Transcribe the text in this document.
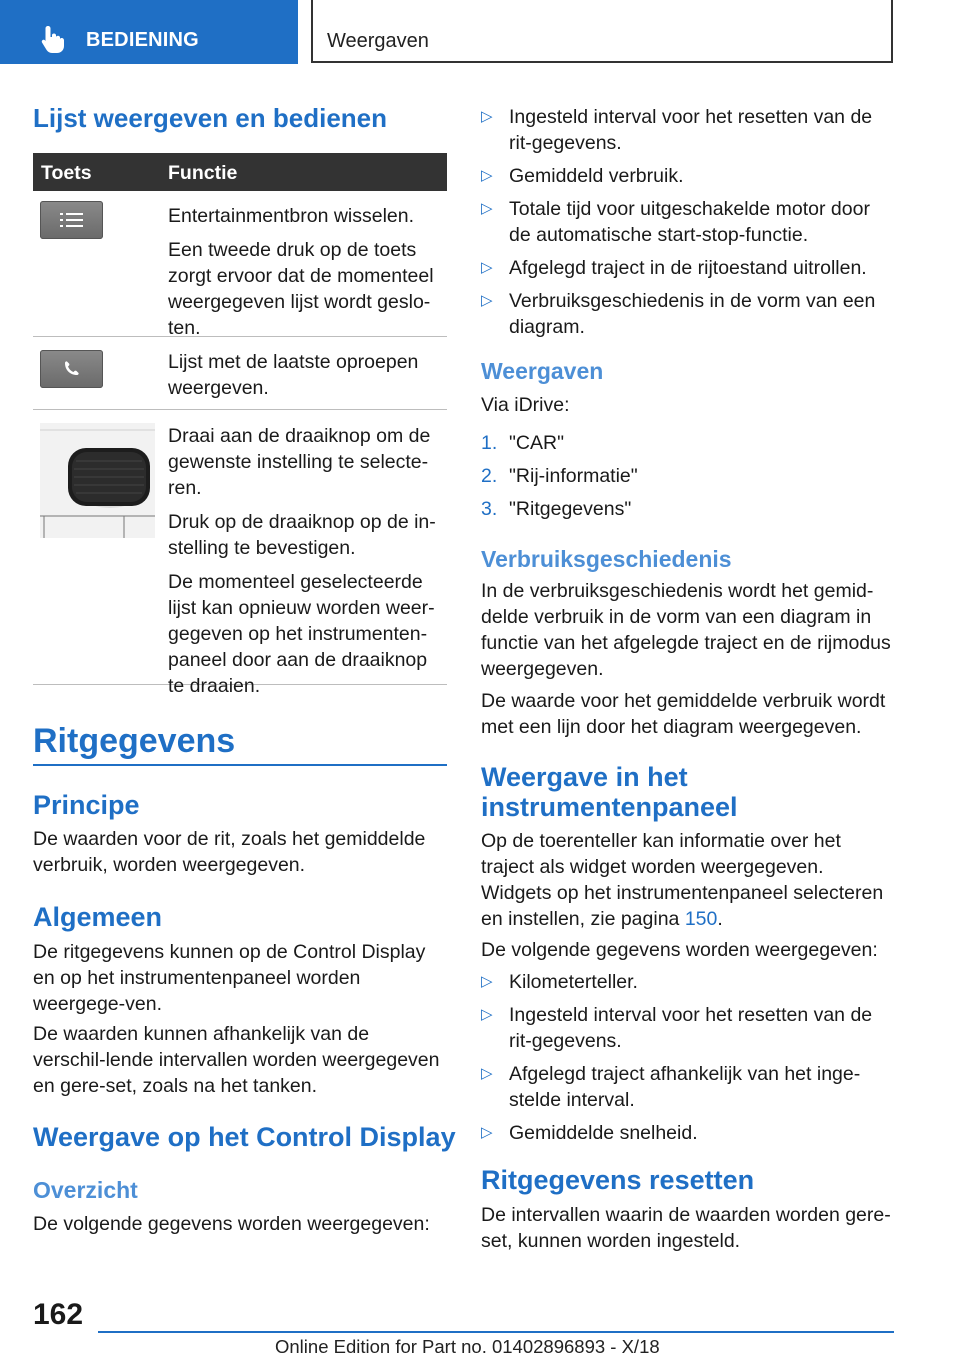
BEDIENING	Weergaven
Lijst weergeven en bedienen
Toets	Functie

Entertainmentbron wisselen.

Een tweede druk op de toets zorgt ervoor dat de momenteel weergegeven lijst wordt geslo-ten.

Lijst met de laatste oproepen weergeven.

Draai aan de draaiknop om de gewenste instelling te selecte-ren.

Druk op de draaiknop op de in-stelling te bevestigen.

De momenteel geselecteerde lijst kan opnieuw worden weer-gegeven op het instrumenten-paneel door aan de draaiknop te draaien.

Ritgegevens
Principe

De waarden voor de rit, zoals het gemiddelde verbruik, worden weergegeven.

Algemeen

De ritgegevens kunnen op de Control Display en op het instrumentenpaneel worden weergege-ven.

De waarden kunnen afhankelijk van de verschil-lende intervallen worden weergegeven en gere-set, zoals na het tanken.

Weergave op het Control Display
Overzicht

De volgende gegevens worden weergegeven:

▷ Ingesteld interval voor het resetten van de rit-gegevens.
▷ Gemiddeld verbruik.
▷ Totale tijd voor uitgeschakelde motor door de automatische start-stop-functie.
▷ Afgelegd traject in de rijtoestand uitrollen.
▷ Verbruiksgeschiedenis in de vorm van een diagram.
Weergaven

Via iDrive:

1. "CAR"
2. "Rij-informatie"
3. "Ritgegevens"
Verbruiksgeschiedenis

In de verbruiksgeschiedenis wordt het gemid-delde verbruik in de vorm van een diagram in functie van het afgelegde traject en de rijmodus weergegeven.

De waarde voor het gemiddelde verbruik wordt met een lijn door het diagram weergegeven.

Weergave in het
instrumentenpaneel

Op de toerenteller kan informatie over het traject als widget worden weergegeven. Widgets op het instrumentenpaneel selecteren en instellen, zie pagina 150.

De volgende gegevens worden weergegeven:

▷ Kilometerteller.
▷ Ingesteld interval voor het resetten van de rit-gegevens.
▷ Afgelegd traject afhankelijk van het inge-stelde interval.
▷ Gemiddelde snelheid.
Ritgegevens resetten

De intervallen waarin de waarden worden gere-set, kunnen worden ingesteld.

162
Online Edition for Part no. 01402896893 - X/18
